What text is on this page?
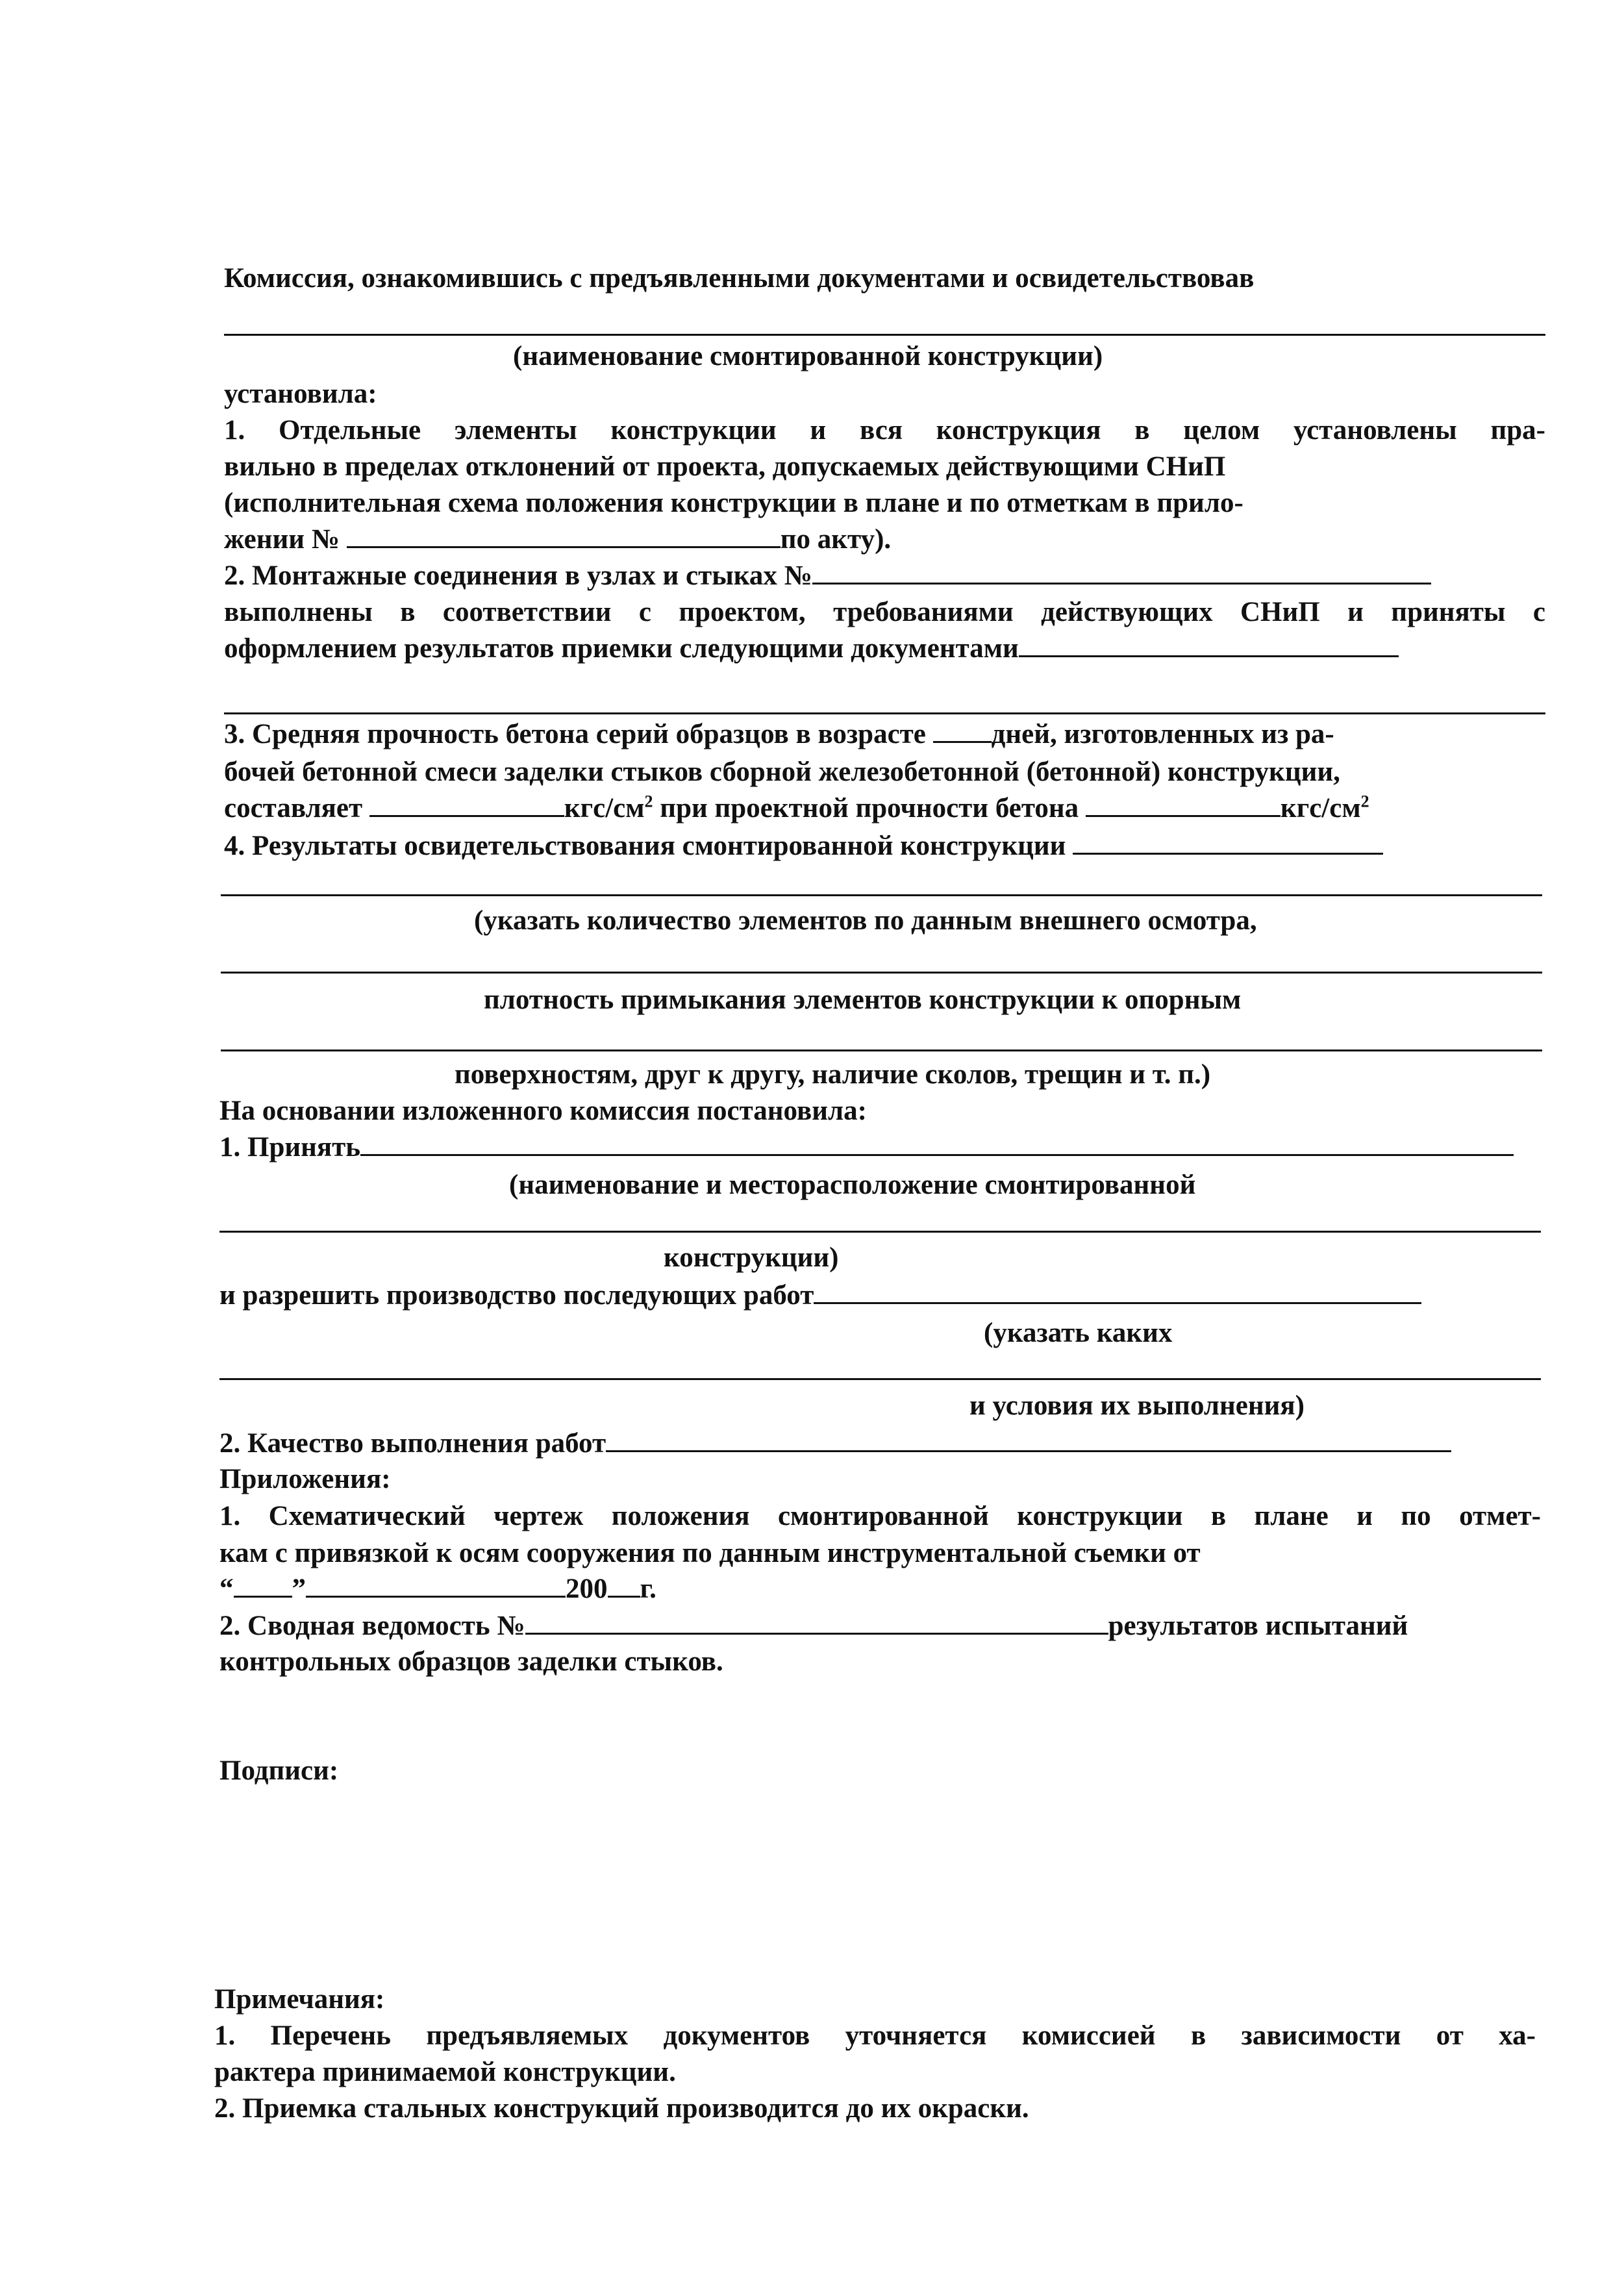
Комиссия, ознакомившись с предъявленными документами и освидетельствовав
(наименование смонтированной конструкции)
установила:
1. Отдельные элементы конструкции и вся конструкция в целом установлены пра-
вильно в пределах отклонений от проекта, допускаемых действующими СНиП
(исполнительная схема положения конструкции в плане и по отметкам в прило-
жении №	по акту).
2. Монтажные соединения в узлах и стыках №
выполнены в соответствии с проектом, требованиями действующих СНиП и приняты с
оформлением результатов приемки следующими документами
3. Средняя прочность бетона серий образцов в возрасте дней, изготовленных из ра-
бочей бетонной смеси заделки стыков сборной железобетонной (бетонной) конструкции,
составляет	кгс/$см^2$ при проектной прочности бетона	кгс/$см^2$
4. Результаты освидетельствования смонтированной конструкции
(указать количество элементов по данным внешнего осмотра,
плотность примыкания элементов конструкции к опорным
поверхностям, друг к другу, наличие сколов, трещин и т. п.)
На основании изложенного комиссия постановила:
1. Принять
(наименование и месторасположение смонтированной
конструкции)
и разрешить производство последующих работ
(указать каких
и условия их выполнения)
2. Качество выполнения работ
Приложения:
1. Схематический чертеж положения смонтированной конструкции в плане и по отмет-
кам с привязкой к осям сооружения по данным инструментальной съемки от
“ ”	200 г.
2. Сводная ведомость №	результатов испытаний
контрольных образцов заделки стыков.
Подписи:
Примечания:
1. Перечень предъявляемых документов уточняется комиссией в зависимости от ха-
рактера принимаемой конструкции.
2. Приемка стальных конструкций производится до их окраски.
